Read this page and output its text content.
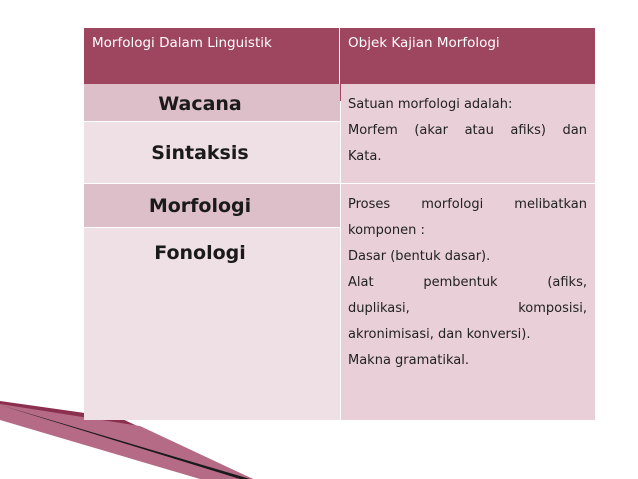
Morfologi Dalam Linguistik	Objek Kajian Morfologi
Wacana
Sintaksis
Morfologi
Fonologi
Satuan morfologi adalah:
Morfem (akar atau afiks) dan
Kata.
Proses morfologi melibatkan
komponen :
Dasar (bentuk dasar).
Alat pembentuk (afiks,
duplikasi, komposisi,
akronimisasi, dan konversi).
Makna gramatikal.
